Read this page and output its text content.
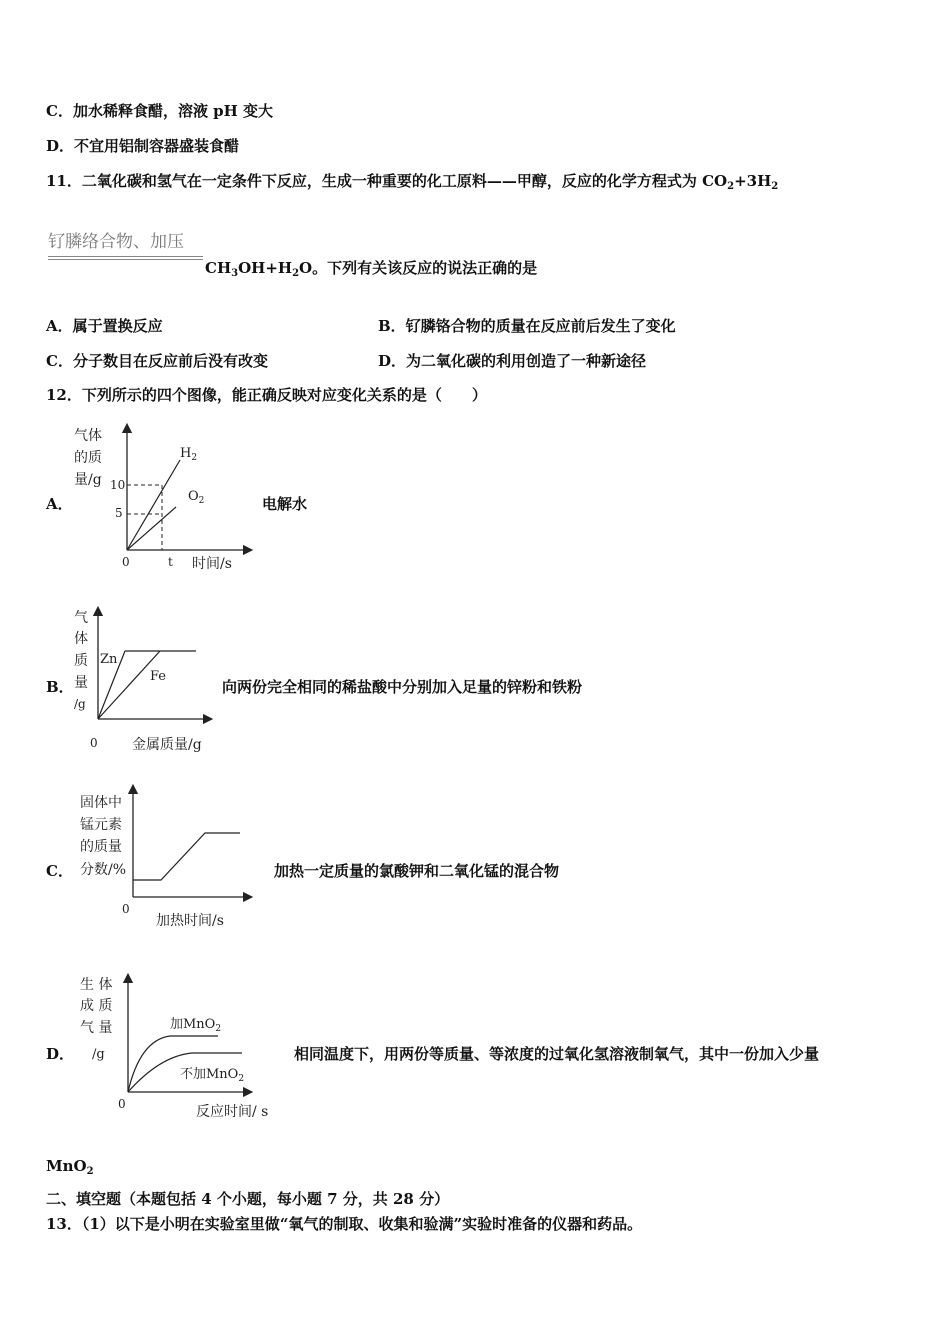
C．加水稀释食醋，溶液 pH 变大
D．不宜用铝制容器盛装食醋
11．二氧化碳和氢气在一定条件下反应，生成一种重要的化工原料——甲醇，反应的化学方程式为 $CO_2+3H_2$
钌膦络合物、加压
$CH_3OH+H_2O$。下列有关该反应的说法正确的是
A．属于置换反应	B．钌膦铬合物的质量在反应前后发生了变化
C．分子数目在反应前后没有改变	D．为二氧化碳的利用创造了一种新途径
12．下列所示的四个图像，能正确反映对应变化关系的是（　　）
A．	电解水
气体
的质
量/g 10
5
0	t 时间/s
$H_2$
$O_2$
B．	向两份完全相同的稀盐酸中分别加入足量的锌粉和铁粉
气
体
质
量
/g
Zn
Fe
0 金属质量/g
C．	加热一定质量的氯酸钾和二氧化锰的混合物
固体中
锰元素
的质量
分数/%
0
加热时间/s
D．	相同温度下，用两份等质量、等浓度的过氧化氢溶液制氧气，其中一份加入少量
生 体
成 质
气 量
/g
加MnO$_2$
不加MnO$_2$
0	反应时间/ s
MnO$_2$
二、填空题（本题包括 4 个小题，每小题 7 分，共 28 分）
13．（1）以下是小明在实验室里做“氧气的制取、收集和验满”实验时准备的仪器和药品。
